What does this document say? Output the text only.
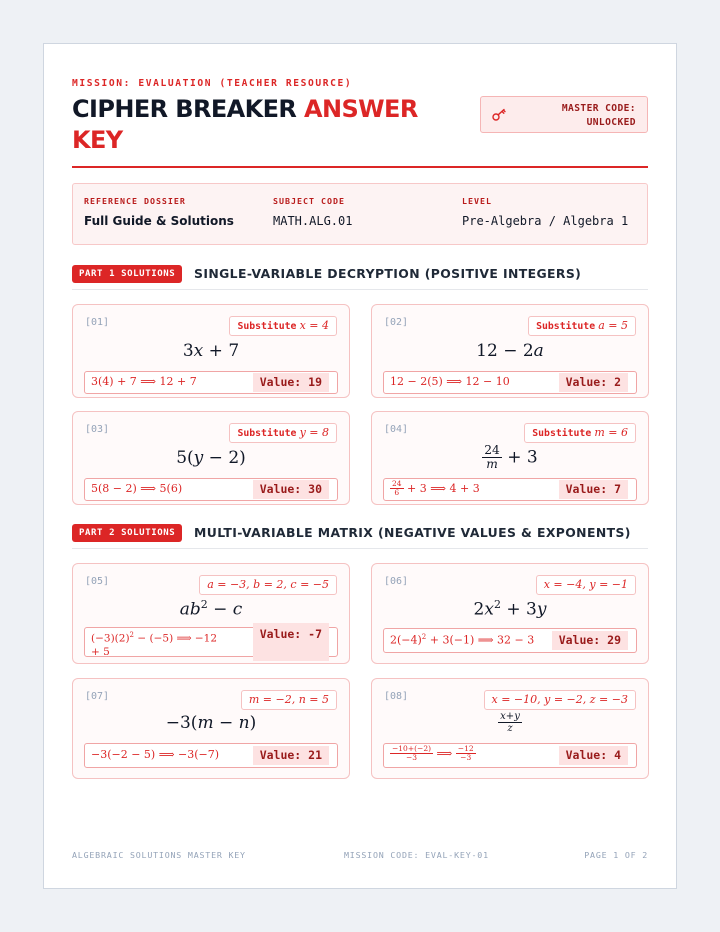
MISSION: EVALUATION (TEACHER RESOURCE)
CIPHER BREAKER ANSWER KEY
MASTER CODE:
UNLOCKED
REFERENCE DOSSIER
Full Guide & Solutions
SUBJECT CODE
MATH.ALG.01
LEVEL
Pre-Algebra / Algebra 1
PART 1 SOLUTIONS	SINGLE-VARIABLE DECRYPTION (POSITIVE INTEGERS)
[01]	Substitute x = 4
3x + 7
3(4) + 7 ⟹ 12 + 7	Value: 19
[02]	Substitute a = 5
12 − 2a
12 − 2(5) ⟹ 12 − 10	Value: 2
[03]	Substitute y = 8
5(y − 2)
5(8 − 2) ⟹ 5(6)	Value: 30
[04]	Substitute m = 6
$\frac{24}{m} + 3$
$\frac{24}{6} + 3$ ⟹ 4 + 3	Value: 7
PART 2 SOLUTIONS	MULTI-VARIABLE MATRIX (NEGATIVE VALUES & EXPONENTS)
[05]	a = −3, b = 2, c = −5
$ab^2 - c$
$(-3)(2)^2 - (-5)$ ⟹ −12
+ 5
Value: -7
[06]	x = −4, y = −1
$2x^2 + 3y$
$2(-4)^2 + 3(-1)$ ⟹ 32 − 3	Value: 29
[07]	m = −2, n = 5
−3(m − n)
−3(−2 − 5) ⟹ −3(−7)	Value: 21
[08]	x = −10, y = −2, z = −3
$\frac{x+y}{z}$
$\frac{-10+(-2)}{-3}$ ⟹ $\frac{-12}{-3}$	Value: 4
ALGEBRAIC SOLUTIONS MASTER KEY	MISSION CODE: EVAL-KEY-01	PAGE 1 OF 2
